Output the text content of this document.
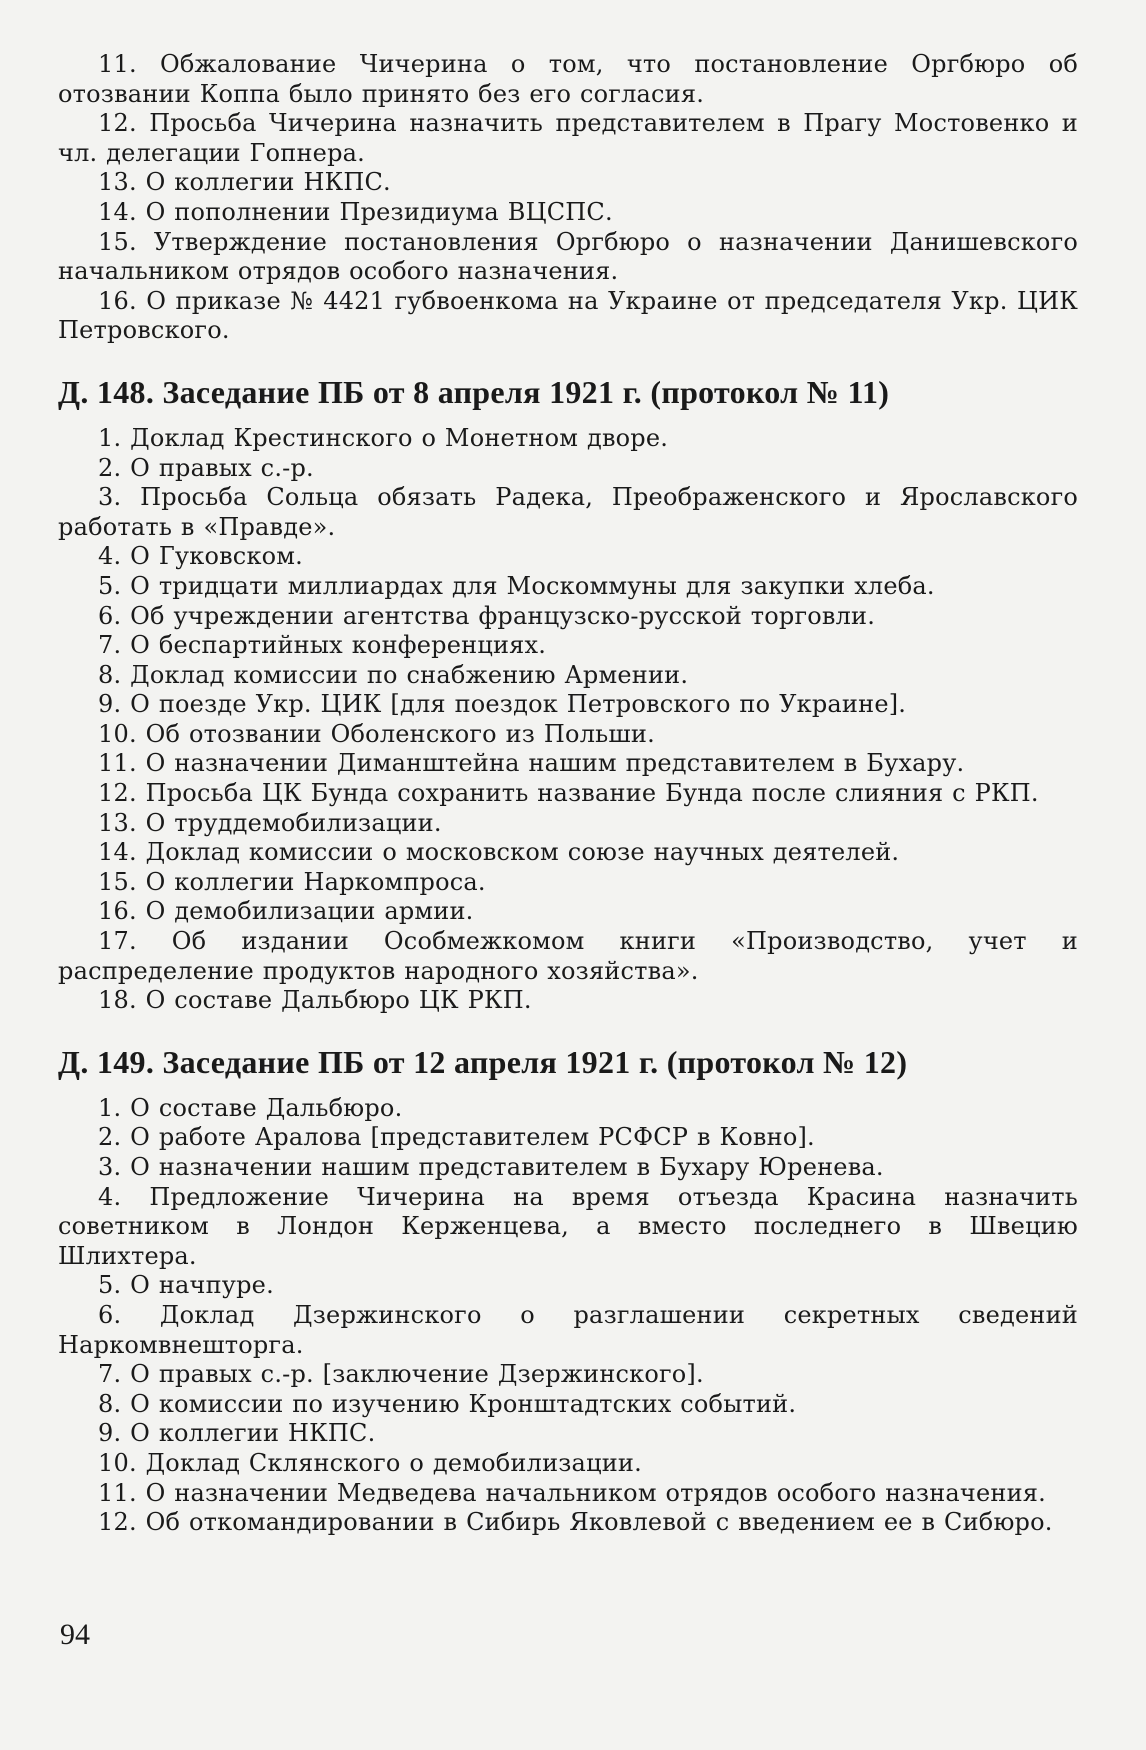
11. Обжалование Чичерина о том, что постановление Оргбюро об отозвании Коппа было принято без его согласия.

12. Просьба Чичерина назначить представителем в Прагу Мостовенко и чл. делегации Гопнера.

13. О коллегии НКПС.

14. О пополнении Президиума ВЦСПС.

15. Утверждение постановления Оргбюро о назначении Данишевского начальником отрядов особого назначения.

16. О приказе № 4421 губвоенкома на Украине от председателя Укр. ЦИК Петровского.

Д. 148. Заседание ПБ от 8 апреля 1921 г. (протокол № 11)

1. Доклад Крестинского о Монетном дворе.

2. О правых с.-р.

3. Просьба Сольца обязать Радека, Преображенского и Ярославского работать в «Правде».

4. О Гуковском.

5. О тридцати миллиардах для Москоммуны для закупки хлеба.

6. Об учреждении агентства французско-русской торговли.

7. О беспартийных конференциях.

8. Доклад комиссии по снабжению Армении.

9. О поезде Укр. ЦИК [для поездок Петровского по Украине].

10. Об отозвании Оболенского из Польши.

11. О назначении Диманштейна нашим представителем в Бухару.

12. Просьба ЦК Бунда сохранить название Бунда после слияния с РКП.

13. О труддемобилизации.

14. Доклад комиссии о московском союзе научных деятелей.

15. О коллегии Наркомпроса.

16. О демобилизации армии.

17. Об издании Особмежкомом книги «Производство, учет и распределение продуктов народного хозяйства».

18. О составе Дальбюро ЦК РКП.

Д. 149. Заседание ПБ от 12 апреля 1921 г. (протокол № 12)

1. О составе Дальбюро.

2. О работе Аралова [представителем РСФСР в Ковно].

3. О назначении нашим представителем в Бухару Юренева.

4. Предложение Чичерина на время отъезда Красина назначить советником в Лондон Керженцева, а вместо последнего в Швецию Шлихтера.

5. О начпуре.

6. Доклад Дзержинского о разглашении секретных сведений Наркомвнешторга.

7. О правых с.-р. [заключение Дзержинского].

8. О комиссии по изучению Кронштадтских событий.

9. О коллегии НКПС.

10. Доклад Склянского о демобилизации.

11. О назначении Медведева начальником отрядов особого назначения.

12. Об откомандировании в Сибирь Яковлевой с введением ее в Сибюро.

94
